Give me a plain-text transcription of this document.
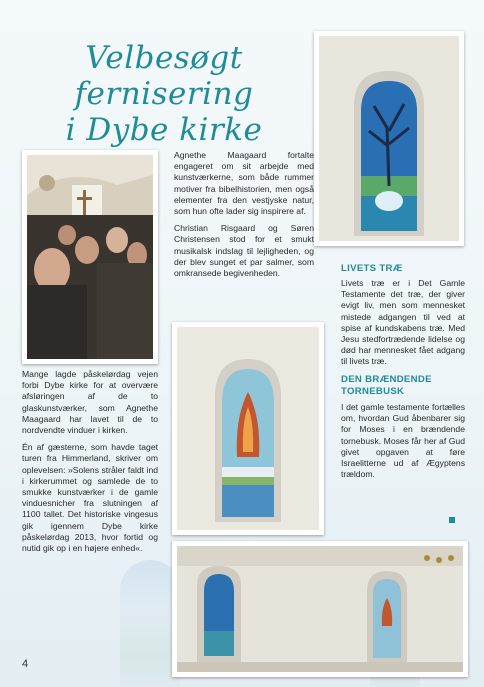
Velbesøgt fernisering
i Dybe kirke

Agnethe Maagaard fortalte engageret om sit arbejde med kunstværkerne, som både rummer motiver fra bibelhistorien, men også elementer fra den vestjyske natur, som hun ofte lader sig inspirere af.

Christian Risgaard og Søren Christensen stod for et smukt musikalsk indslag til lejligheden, og der blev sunget et par salmer, som omkransede begivenheden.

Mange lagde påskelørdag vejen forbi Dybe kirke for at overvære afsløringen af de to glaskunstværker, som Agnethe Maagaard har lavet til de to nordvendte vinduer i kirken.

Én af gæsterne, som havde taget turen fra Himmerland, skriver om oplevelsen: »Solens stråler faldt ind i kirkerummet og samlede de to smukke kunstværker i de gamle vinduesnicher fra slutningen af 1100 tallet. Det historiske vingesus gik igennem Dybe kirke påskelørdag 2013, hvor fortid og nutid gik op i en højere enhed«.

LIVETS TRÆ
Livets træ er i Det Gamle Testamente det træ, der giver evigt liv, men som mennesket mistede adgangen til ved at spise af kundskabens træ. Med Jesu stedfortrædende lidelse og død har mennesket fået adgang til livets træ.
DEN BRÆNDENDE
TORNEBUSK
I det gamle testamente fortælles om, hvordan Gud åbenbarer sig for Moses i en brændende tornebusk. Moses får her af Gud givet opgaven at føre Israelitterne ud af Ægyptens trældom.
4
